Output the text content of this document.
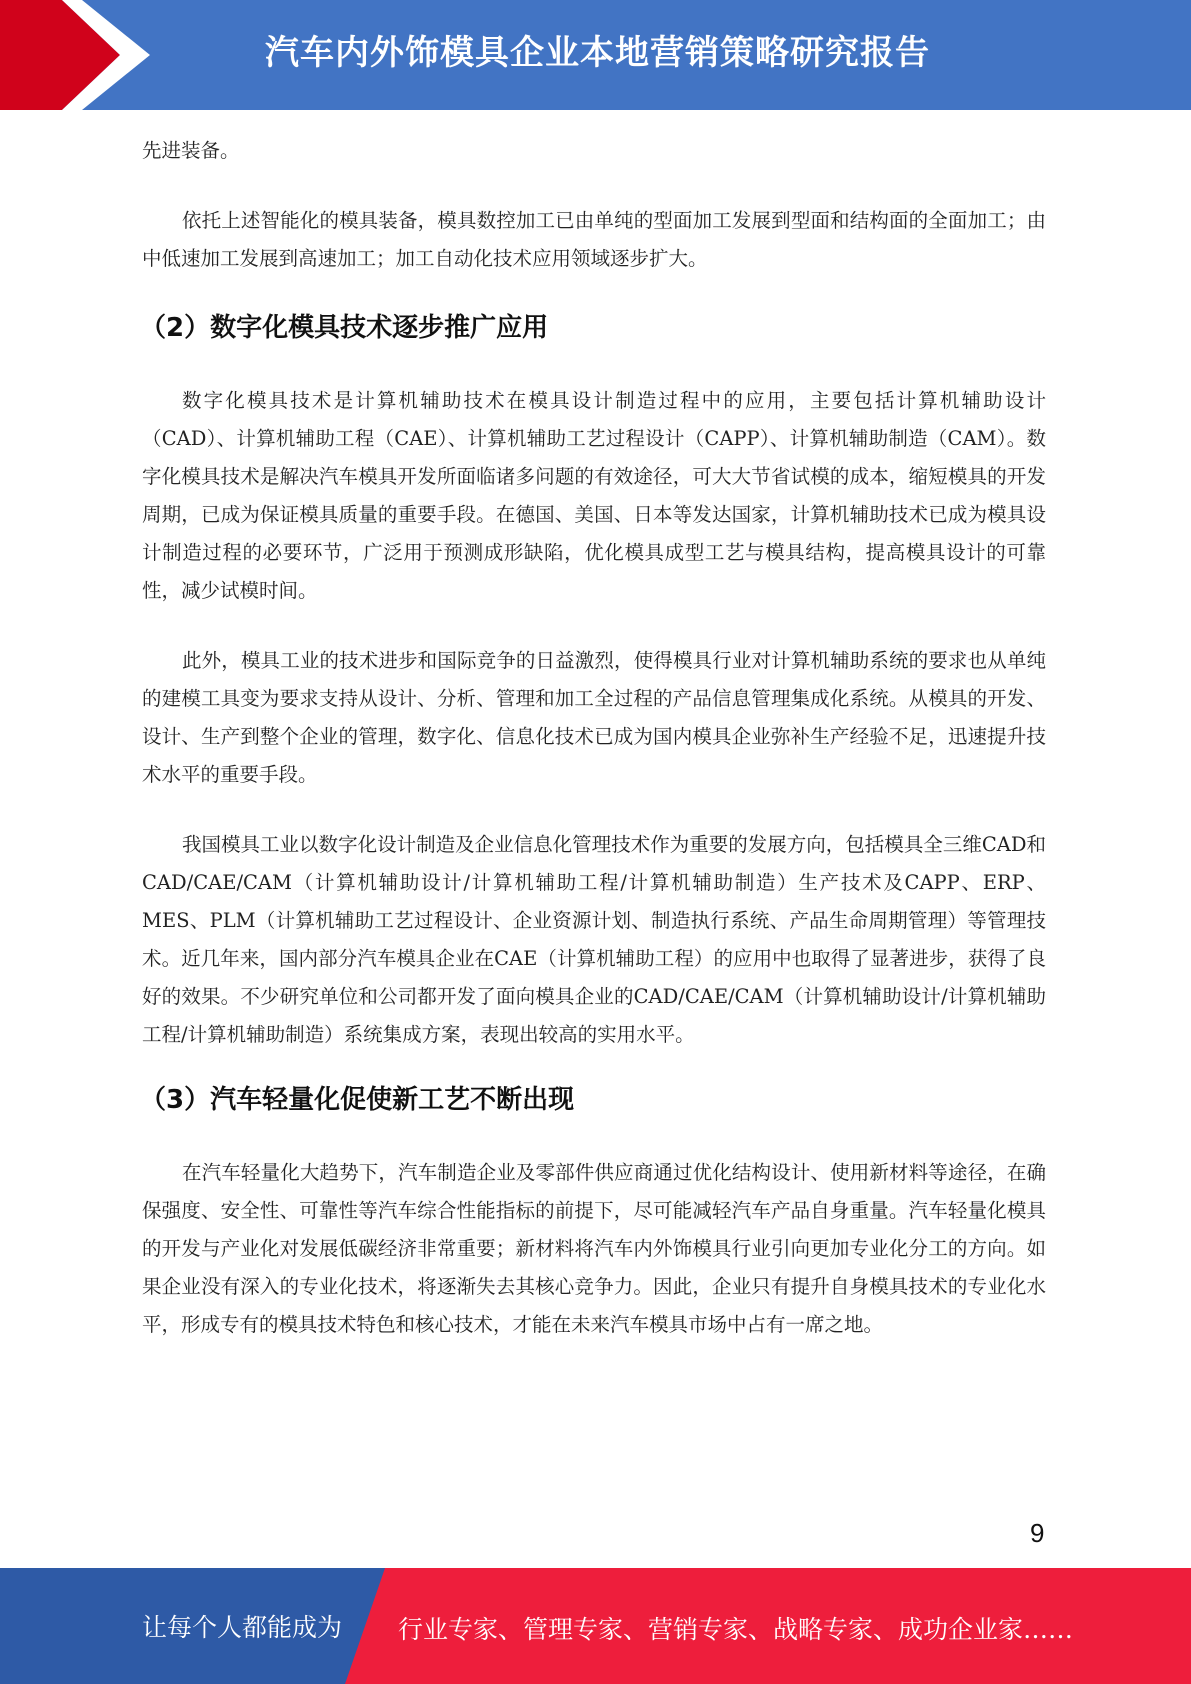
汽车内外饰模具企业本地营销策略研究报告

先进装备。

依托上述智能化的模具装备，模具数控加工已由单纯的型面加工发展到型面和结构面的全面加工；由中低速加工发展到高速加工；加工自动化技术应用领域逐步扩大。

（2）数字化模具技术逐步推广应用

数字化模具技术是计算机辅助技术在模具设计制造过程中的应用，主要包括计算机辅助设计（CAD）、计算机辅助工程（CAE）、计算机辅助工艺过程设计（CAPP）、计算机辅助制造（CAM）。数字化模具技术是解决汽车模具开发所面临诸多问题的有效途径，可大大节省试模的成本，缩短模具的开发周期，已成为保证模具质量的重要手段。在德国、美国、日本等发达国家，计算机辅助技术已成为模具设计制造过程的必要环节，广泛用于预测成形缺陷，优化模具成型工艺与模具结构，提高模具设计的可靠性，减少试模时间。

此外，模具工业的技术进步和国际竞争的日益激烈，使得模具行业对计算机辅助系统的要求也从单纯的建模工具变为要求支持从设计、分析、管理和加工全过程的产品信息管理集成化系统。从模具的开发、设计、生产到整个企业的管理，数字化、信息化技术已成为国内模具企业弥补生产经验不足，迅速提升技术水平的重要手段。

我国模具工业以数字化设计制造及企业信息化管理技术作为重要的发展方向，包括模具全三维CAD和CAD/CAE/CAM（计算机辅助设计/计算机辅助工程/计算机辅助制造）生产技术及CAPP、ERP、MES、PLM（计算机辅助工艺过程设计、企业资源计划、制造执行系统、产品生命周期管理）等管理技术。近几年来，国内部分汽车模具企业在CAE（计算机辅助工程）的应用中也取得了显著进步，获得了良好的效果。不少研究单位和公司都开发了面向模具企业的CAD/CAE/CAM（计算机辅助设计/计算机辅助工程/计算机辅助制造）系统集成方案，表现出较高的实用水平。

（3）汽车轻量化促使新工艺不断出现

在汽车轻量化大趋势下，汽车制造企业及零部件供应商通过优化结构设计、使用新材料等途径，在确保强度、安全性、可靠性等汽车综合性能指标的前提下，尽可能减轻汽车产品自身重量。汽车轻量化模具的开发与产业化对发展低碳经济非常重要；新材料将汽车内外饰模具行业引向更加专业化分工的方向。如果企业没有深入的专业化技术，将逐渐失去其核心竞争力。因此，企业只有提升自身模具技术的专业化水平，形成专有的模具技术特色和核心技术，才能在未来汽车模具市场中占有一席之地。

9
让每个人都能成为 行业专家、管理专家、营销专家、战略专家、成功企业家……
